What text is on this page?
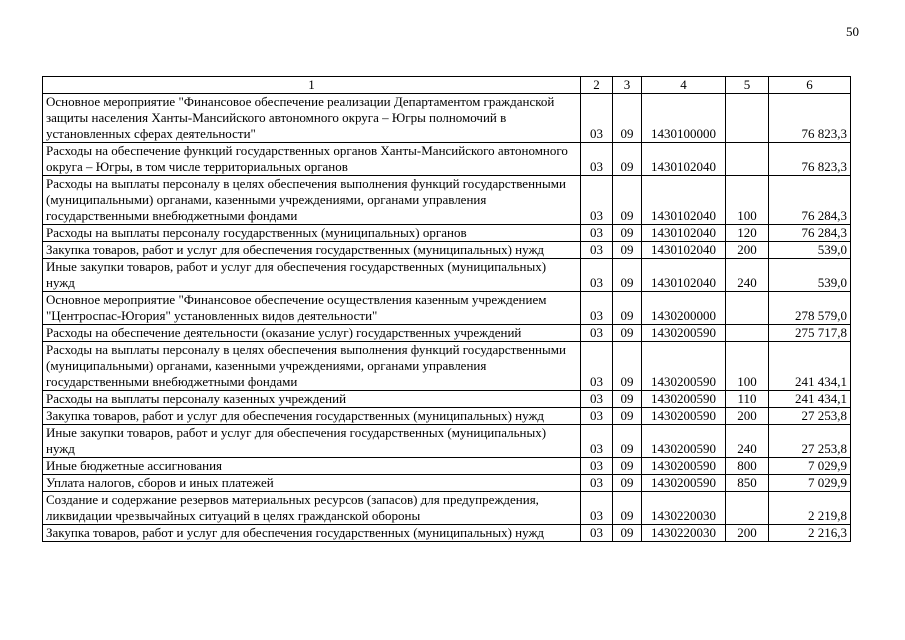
50
1	2	3	4	5	6
Основное мероприятие "Финансовое обеспечение реализации Департаментом гражданской защиты населения Ханты-Мансийского автономного округа – Югры полномочий в установленных сферах деятельности"	03	09	1430100000		76 823,3
Расходы на обеспечение функций государственных органов Ханты-Мансийского автономного округа – Югры, в том числе территориальных органов	03	09	1430102040		76 823,3
Расходы на выплаты персоналу в целях обеспечения выполнения функций государственными (муниципальными) органами, казенными учреждениями, органами управления государственными внебюджетными фондами	03	09	1430102040	100	76 284,3
Расходы на выплаты персоналу государственных (муниципальных) органов	03	09	1430102040	120	76 284,3
Закупка товаров, работ и услуг для обеспечения государственных (муниципальных) нужд	03	09	1430102040	200	539,0
Иные закупки товаров, работ и услуг для обеспечения государственных (муниципальных) нужд	03	09	1430102040	240	539,0
Основное мероприятие "Финансовое обеспечение осуществления казенным учреждением "Центроспас-Югория" установленных видов деятельности"	03	09	1430200000		278 579,0
Расходы на обеспечение деятельности (оказание услуг) государственных учреждений	03	09	1430200590		275 717,8
Расходы на выплаты персоналу в целях обеспечения выполнения функций государственными (муниципальными) органами, казенными учреждениями, органами управления государственными внебюджетными фондами	03	09	1430200590	100	241 434,1
Расходы на выплаты персоналу казенных учреждений	03	09	1430200590	110	241 434,1
Закупка товаров, работ и услуг для обеспечения государственных (муниципальных) нужд	03	09	1430200590	200	27 253,8
Иные закупки товаров, работ и услуг для обеспечения государственных (муниципальных) нужд	03	09	1430200590	240	27 253,8
Иные бюджетные ассигнования	03	09	1430200590	800	7 029,9
Уплата налогов, сборов и иных платежей	03	09	1430200590	850	7 029,9
Создание и содержание резервов материальных ресурсов (запасов) для предупреждения, ликвидации чрезвычайных ситуаций в целях гражданской обороны	03	09	1430220030		2 219,8
Закупка товаров, работ и услуг для обеспечения государственных (муниципальных) нужд	03	09	1430220030	200	2 216,3
